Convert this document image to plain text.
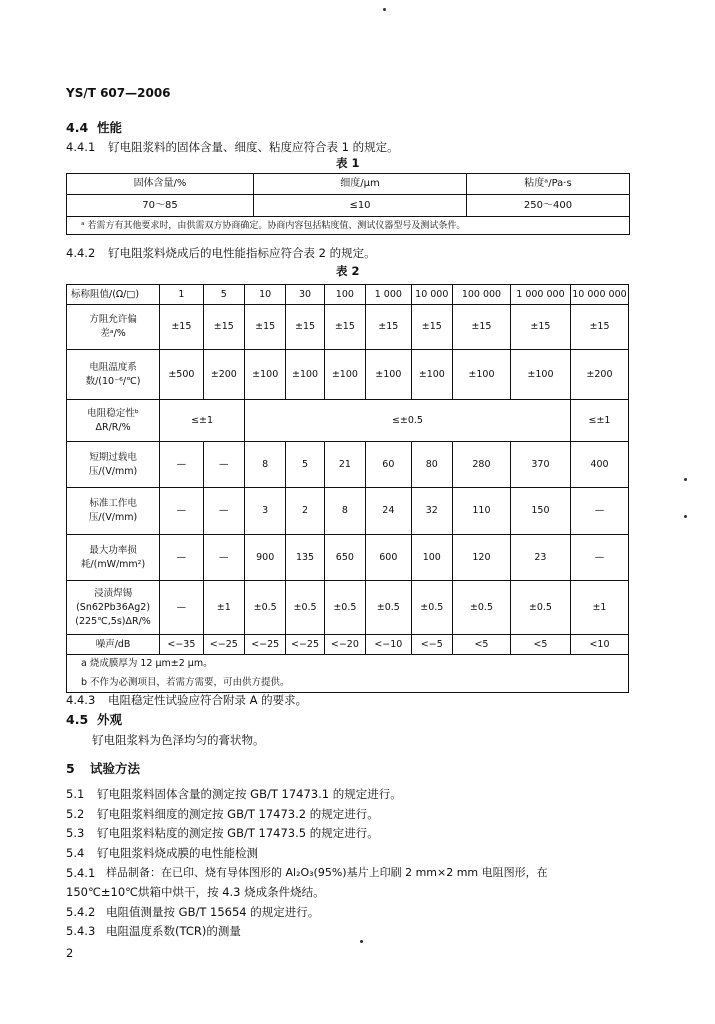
YS/T 607—2006
4.4 性能
4.4.1 钌电阻浆料的固体含量、细度、粘度应符合表 1 的规定。
表 1
固体含量/%	细度/μm	粘度ᵃ/Pa·s
70～85	≤10	250～400
ᵃ 若需方有其他要求时，由供需双方协商确定。协商内容包括粘度值、测试仪器型号及测试条件。		
4.4.2 钌电阻浆料烧成后的电性能指标应符合表 2 的规定。
表 2
标称阻值/(Ω/□)	1	5	10	30	100	1 000	10 000	100 000	1 000 000	10 000 000
方阻允许偏
差ᵃ/%	±15	±15	±15	±15	±15	±15	±15	±15	±15	±15
电阻温度系
数/(10⁻⁶/℃)	±500	±200	±100	±100	±100	±100	±100	±100	±100	±200
电阻稳定性ᵇ
ΔR/R/%	≤±1		≤±0.5							≤±1
短期过载电
压/(V/mm)	—	—	8	5	21	60	80	280	370	400
标准工作电
压/(V/mm)	—	—	3	2	8	24	32	110	150	—
最大功率损
耗/(mW/mm²)	—	—	900	135	650	600	100	120	23	—
浸渍焊锡
(Sn62Pb36Ag2)
(225℃,5s)ΔR/%	—	±1	±0.5	±0.5	±0.5	±0.5	±0.5	±0.5	±0.5	±1
噪声/dB	<−35	<−25	<−25	<−25	<−20	<−10	<−5	<5	<5	<10
a 烧成膜厚为 12 μm±2 μm。										
b 不作为必测项目，若需方需要，可由供方提供。										
4.4.3 电阻稳定性试验应符合附录 A 的要求。
4.5 外观
钌电阻浆料为色泽均匀的膏状物。
5 试验方法
5.1 钌电阻浆料固体含量的测定按 GB/T 17473.1 的规定进行。
5.2 钌电阻浆料细度的测定按 GB/T 17473.2 的规定进行。
5.3 钌电阻浆料粘度的测定按 GB/T 17473.5 的规定进行。
5.4 钌电阻浆料烧成膜的电性能检测
5.4.1 样品制备：在已印、烧有导体图形的 Al₂O₃(95%)基片上印刷 2 mm×2 mm 电阻图形，在
150℃±10℃烘箱中烘干，按 4.3 烧成条件烧结。
5.4.2 电阻值测量按 GB/T 15654 的规定进行。
5.4.3 电阻温度系数(TCR)的测量
2
